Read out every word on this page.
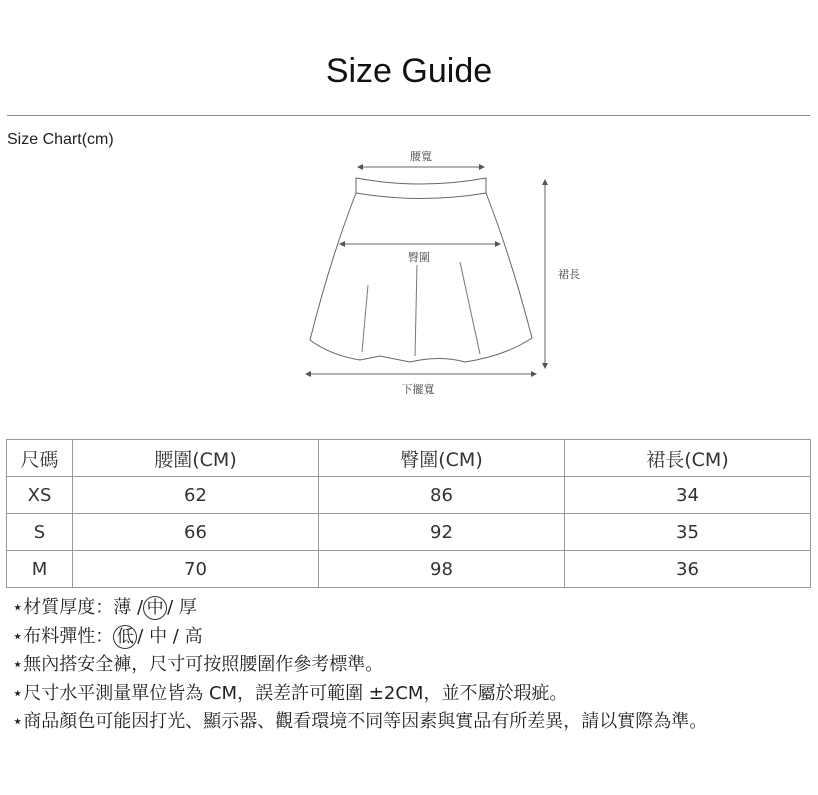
Size Guide
Size Chart(cm)
腰寬
臀圍
裙長
下擺寬
尺碼	腰圍(CM)	臀圍(CM)	裙長(CM)
XS	62	86	34
S	66	92	35
M	70	98	36
⋆材質厚度：薄 / 中 / 厚
⋆布料彈性： 低 / 中 / 高
⋆無內搭安全褲，尺寸可按照腰圍作參考標準。
⋆尺寸水平測量單位皆為 CM，誤差許可範圍 ±2CM，並不屬於瑕疵。
⋆商品顏色可能因打光、顯示器、觀看環境不同等因素與實品有所差異，請以實際為準。
